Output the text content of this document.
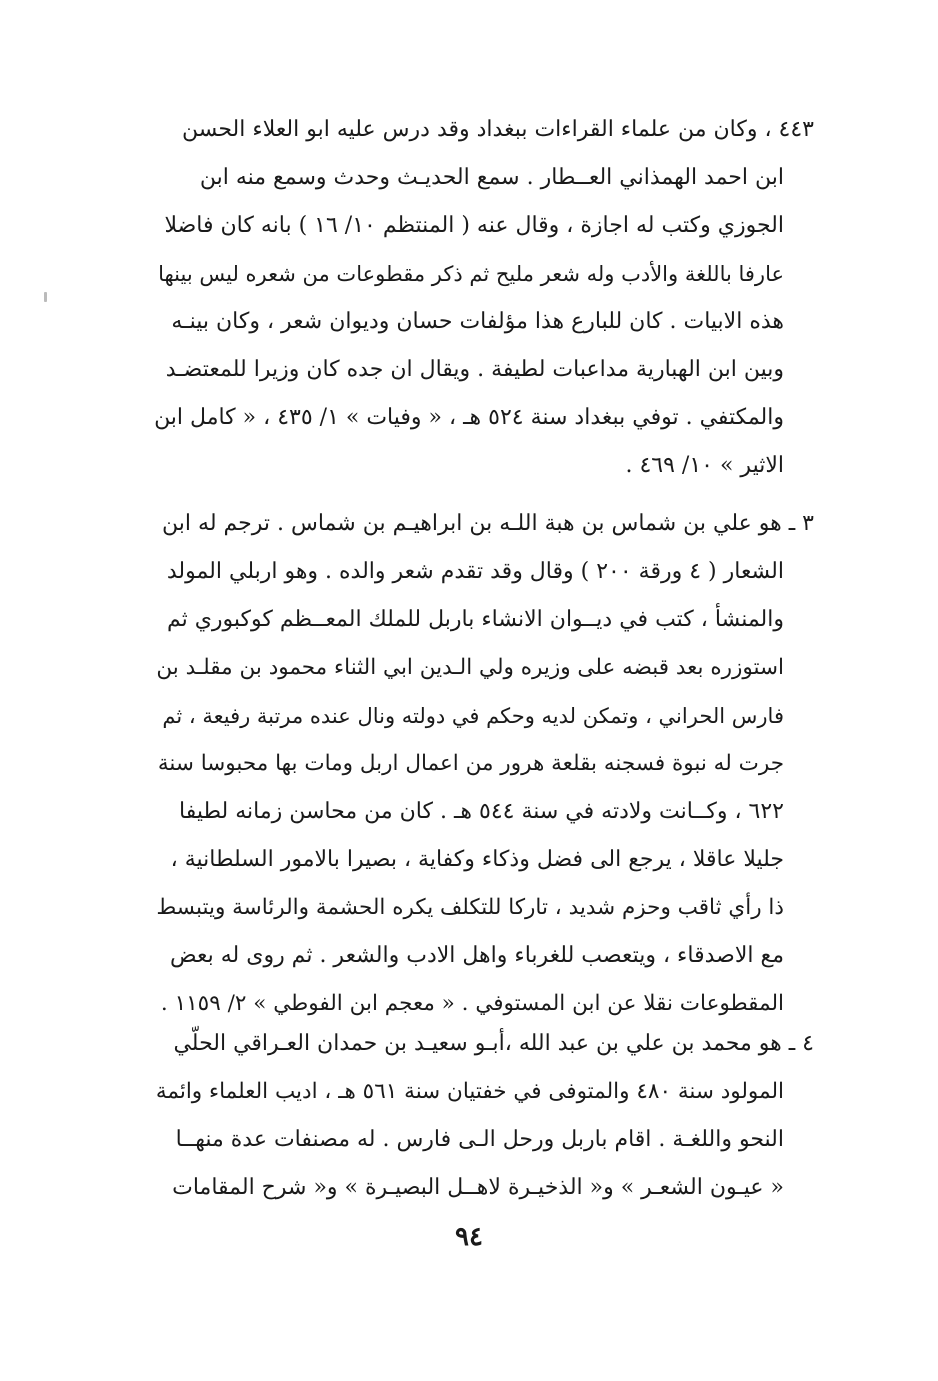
٤٤٣ ، وكان من علماء القراءات ببغداد وقد درس عليه ابو العلاء الحسن
ابن احمد الهمذاني العــطار . سمع الحديـث وحدث وسمع منه ابن
الجوزي وكتب له اجازة ، وقال عنه ( المنتظم ١٠/ ١٦ ) بانه كان فاضلا
عارفا باللغة والأدب وله شعر مليح ثم ذكر مقطوعات من شعره ليس بينها
هذه الابيات . كان للبارع هذا مؤلفات حسان وديوان شعر ، وكان بينـه
وبين ابن الهبارية مداعبات لطيفة . ويقال ان جده كان وزيرا للمعتضـد
والمكتفي . توفي ببغداد سنة ٥٢٤ هـ ، « وفيات » ١/ ٤٣٥ ، « كامل ابن
الاثير » ١٠/ ٤٦٩ .
٣ ـ هو علي بن شماس بن هبة اللـه بن ابراهيـم بن شماس . ترجم له ابن
الشعار ( ٤ ورقة ٢٠٠ ) وقال وقد تقدم شعر والده . وهو اربلي المولد
والمنشأ ، كتب في ديــوان الانشاء باربل للملك المعــظم كوكبوري ثم
استوزره بعد قبضه على وزيره ولي الـدين ابي الثناء محمود بن مقلـد بن
فارس الحراني ، وتمكن لديه وحكم في دولته ونال عنده مرتبة رفيعة ، ثم
جرت له نبوة فسجنه بقلعة هرور من اعمال اربل ومات بها محبوسا سنة
٦٢٢ ، وكــانت ولادته في سنة ٥٤٤ هـ . كان من محاسن زمانه لطيفا
جليلا عاقلا ، يرجع الى فضل وذكاء وكفاية ، بصيرا بالامور السلطانية ،
ذا رأي ثاقب وحزم شديد ، تاركا للتكلف يكره الحشمة والرئاسة ويتبسط
مع الاصدقاء ، ويتعصب للغرباء واهل الادب والشعر . ثم روى له بعض
المقطوعات نقلا عن ابن المستوفي . « معجم ابن الفوطي » ٢/ ١١٥٩ .
٤ ـ هو محمد بن علي بن عبد الله ،أبـو سعيـد بن حمدان العـراقي الحلّي
المولود سنة ٤٨٠ والمتوفى في خفتيان سنة ٥٦١ هـ ، اديب العلماء وائمة
النحو واللغـة . اقام باربل ورحل الـى فارس . له مصنفات عدة منهــا
« عيـون الشعـر » و« الذخيـرة لاهــل البصيـرة » و« شرح المقامات
٩٤
